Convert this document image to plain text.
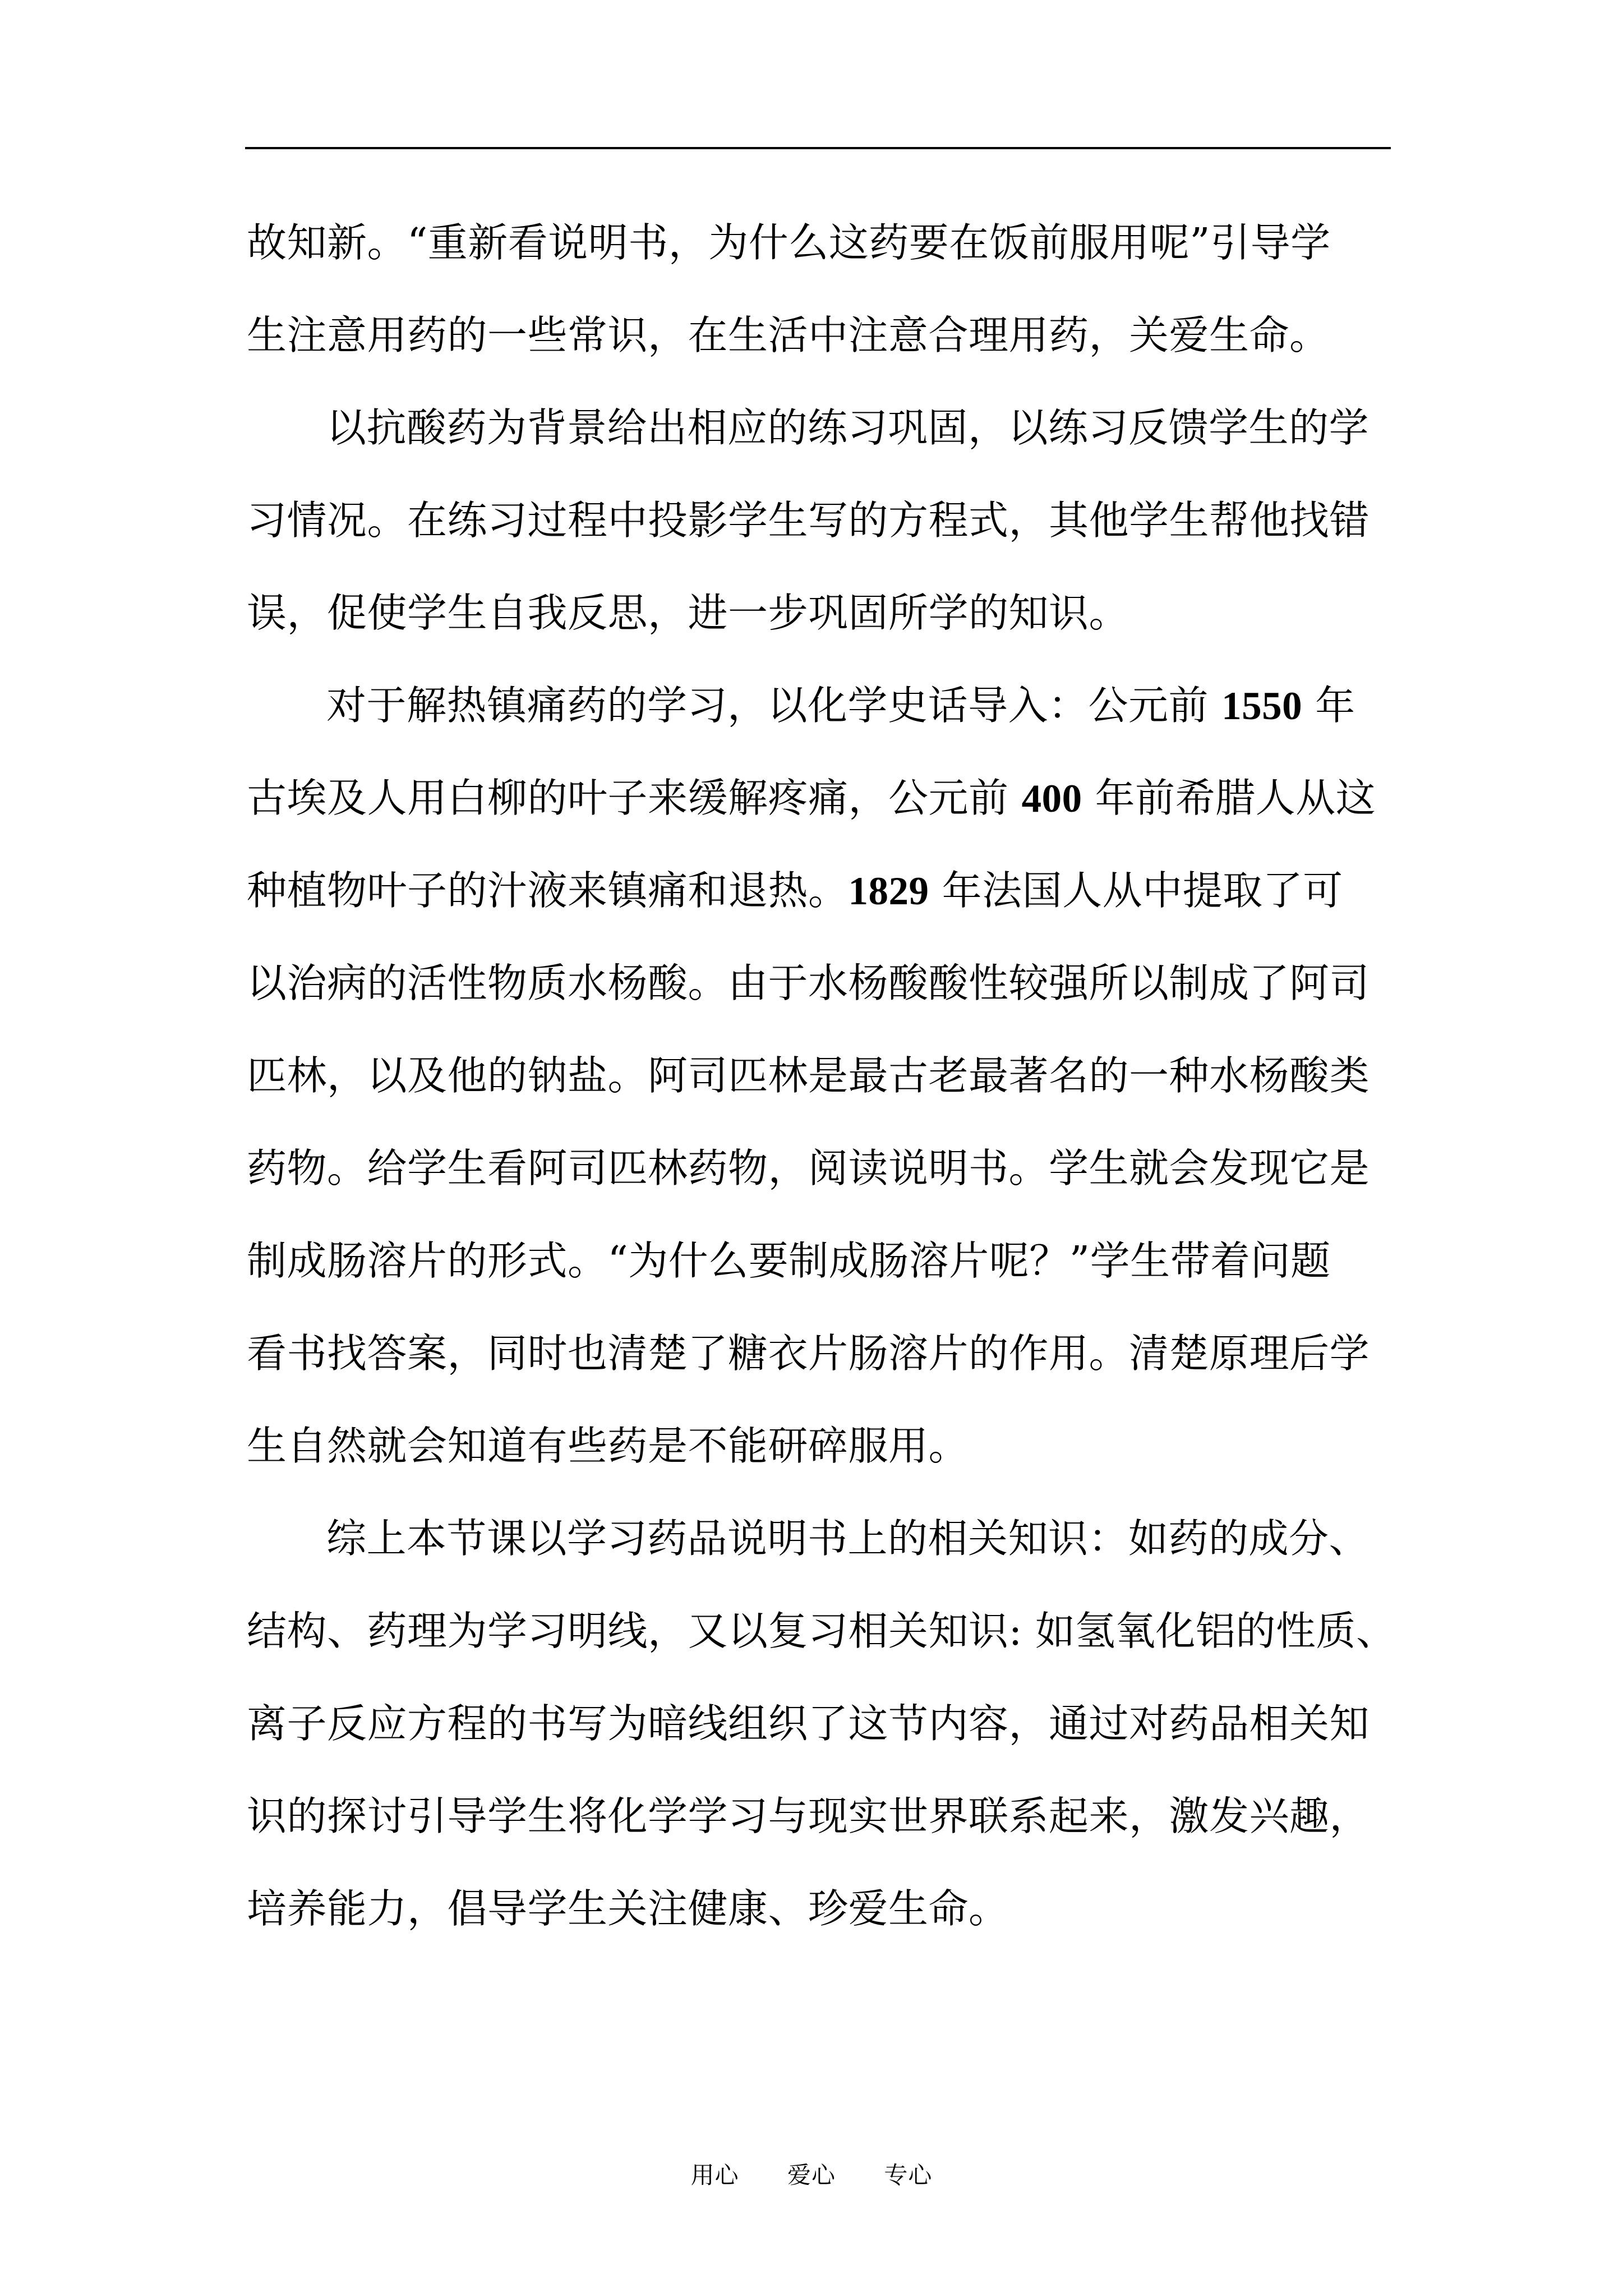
故知新。“重新看说明书，为什么这药要在饭前服用呢”引导学
生注意用药的一些常识，在生活中注意合理用药，关爱生命。
以抗酸药为背景给出相应的练习巩固，以练习反馈学生的学
习情况。在练习过程中投影学生写的方程式，其他学生帮他找错
误，促使学生自我反思，进一步巩固所学的知识。
对于解热镇痛药的学习，以化学史话导入：公元前 1550 年
古埃及人用白柳的叶子来缓解疼痛，公元前 400 年前希腊人从这
种植物叶子的汁液来镇痛和退热。1829 年法国人从中提取了可
以治病的活性物质水杨酸。由于水杨酸酸性较强所以制成了阿司
匹林，以及他的钠盐。阿司匹林是最古老最著名的一种水杨酸类
药物。给学生看阿司匹林药物，阅读说明书。学生就会发现它是
制成肠溶片的形式。“为什么要制成肠溶片呢？”学生带着问题
看书找答案，同时也清楚了糖衣片肠溶片的作用。清楚原理后学
生自然就会知道有些药是不能研碎服用。
综上本节课以学习药品说明书上的相关知识：如药的成分、
结构、药理为学习明线，又以复习相关知识: 如氢氧化铝的性质、
离子反应方程的书写为暗线组织了这节内容，通过对药品相关知
识的探讨引导学生将化学学习与现实世界联系起来，激发兴趣，
培养能力，倡导学生关注健康、珍爱生命。
用心 爱心 专心
